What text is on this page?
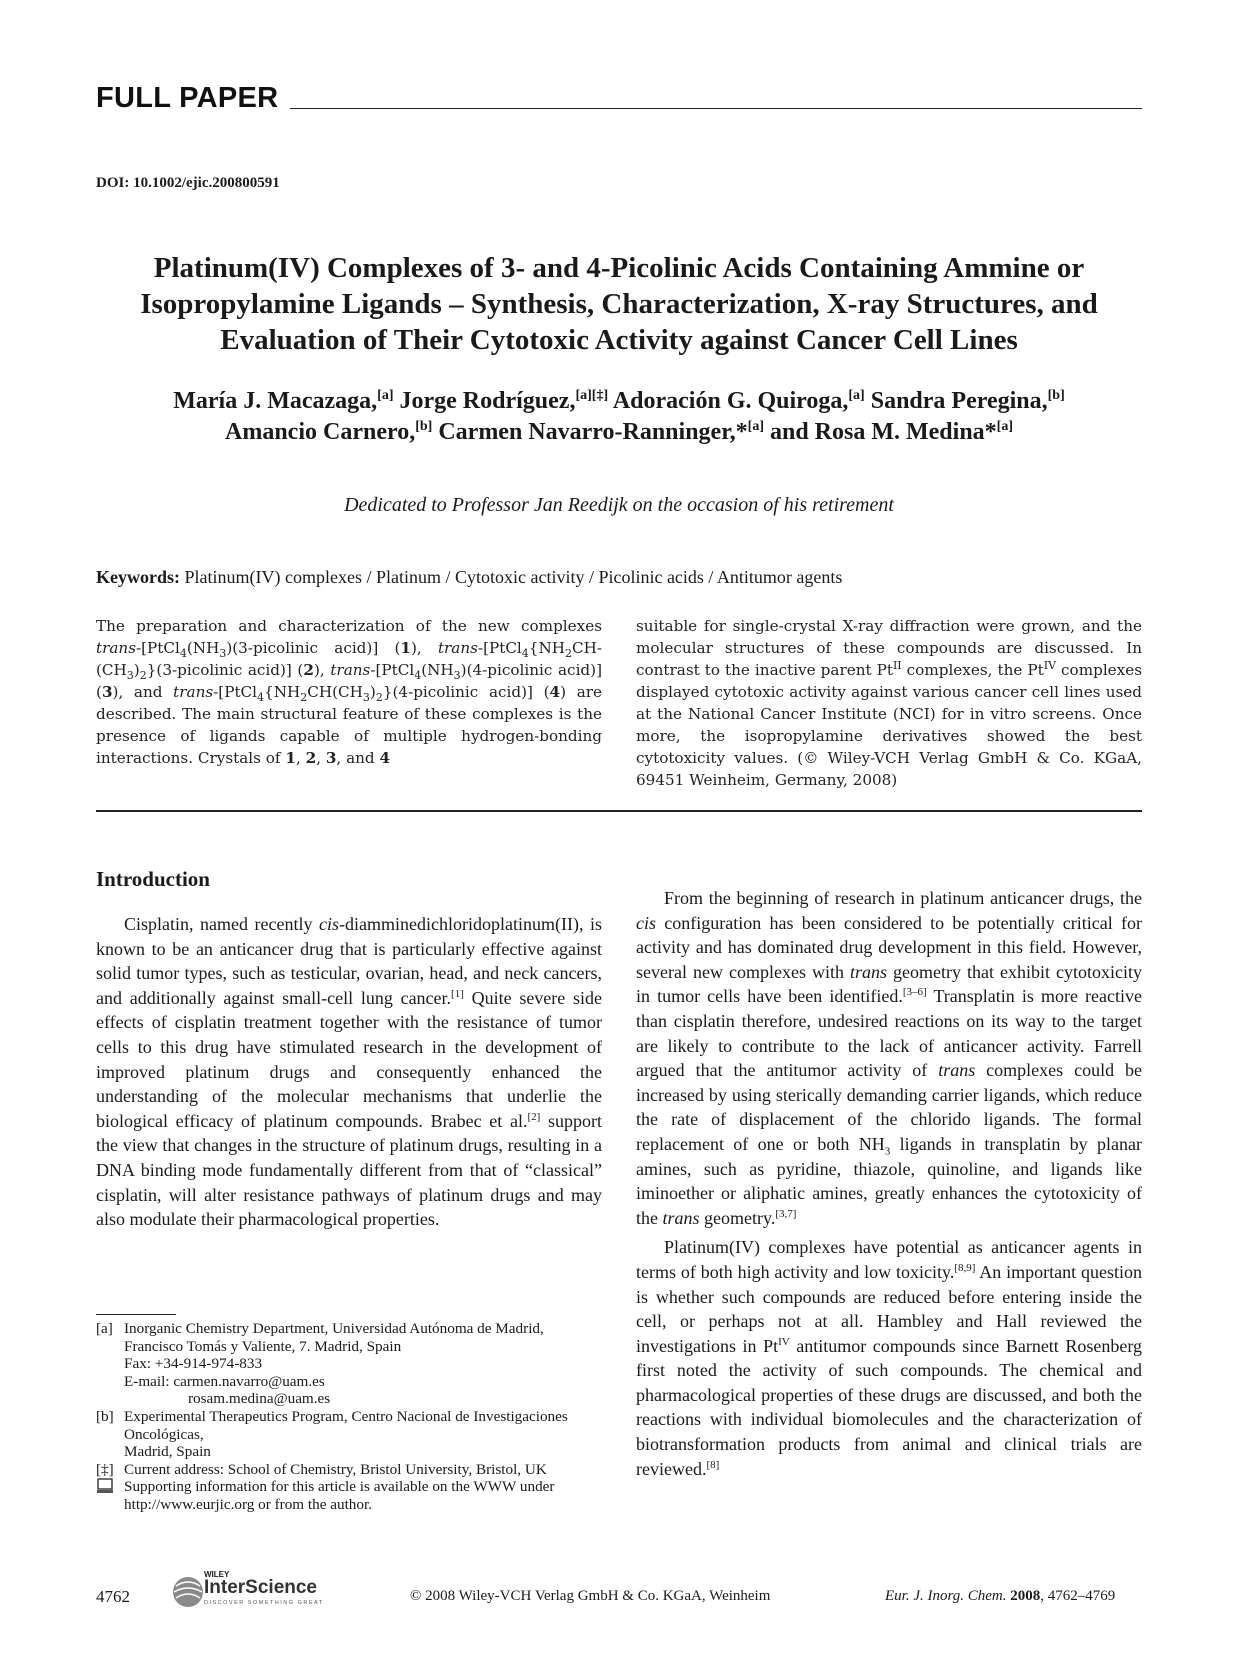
FULL PAPER
DOI: 10.1002/ejic.200800591
Platinum(IV) Complexes of 3- and 4-Picolinic Acids Containing Ammine or
Isopropylamine Ligands – Synthesis, Characterization, X-ray Structures, and
Evaluation of Their Cytotoxic Activity against Cancer Cell Lines
María J. Macazaga,[a] Jorge Rodríguez,[a][‡] Adoración G. Quiroga,[a] Sandra Peregina,[b]
Amancio Carnero,[b] Carmen Navarro-Ranninger,*[a] and Rosa M. Medina*[a]
Dedicated to Professor Jan Reedijk on the occasion of his retirement
Keywords: Platinum(IV) complexes / Platinum / Cytotoxic activity / Picolinic acids / Antitumor agents
The preparation and characterization of the new complexes trans-[$PtCl_4(NH_3)(3$-picolinic acid)] (1), trans-[$PtCl_4\{NH_2CH-(CH_3)_2\}(3$-picolinic acid)] (2), trans-[$PtCl_4(NH_3)(4$-picolinic acid)] (3), and trans-[$PtCl_4\{NH_2CH(CH_3)_2\}(4$-picolinic acid)] (4) are described. The main structural feature of these complexes is the presence of ligands capable of multiple hydrogen-bonding interactions. Crystals of 1, 2, 3, and 4
suitable for single-crystal X-ray diffraction were grown, and the molecular structures of these compounds are discussed. In contrast to the inactive parent $Pt^{II}$ complexes, the $Pt^{IV}$ complexes displayed cytotoxic activity against various cancer cell lines used at the National Cancer Institute (NCI) for in vitro screens. Once more, the isopropylamine derivatives showed the best cytotoxicity values. (© Wiley-VCH Verlag GmbH & Co. KGaA, 69451 Weinheim, Germany, 2008)
Introduction

Cisplatin, named recently cis-diamminedichloridoplatinum(II), is known to be an anticancer drug that is particularly effective against solid tumor types, such as testicular, ovarian, head, and neck cancers, and additionally against small-cell lung cancer.[1] Quite severe side effects of cisplatin treatment together with the resistance of tumor cells to this drug have stimulated research in the development of improved platinum drugs and consequently enhanced the understanding of the molecular mechanisms that underlie the biological efficacy of platinum compounds. Brabec et al.[2] support the view that changes in the structure of platinum drugs, resulting in a DNA binding mode fundamentally different from that of “classical” cisplatin, will alter resistance pathways of platinum drugs and may also modulate their pharmacological properties.

From the beginning of research in platinum anticancer drugs, the cis configuration has been considered to be potentially critical for activity and has dominated drug development in this field. However, several new complexes with trans geometry that exhibit cytotoxicity in tumor cells have been identified.[3–6] Transplatin is more reactive than cisplatin therefore, undesired reactions on its way to the target are likely to contribute to the lack of anticancer activity. Farrell argued that the antitumor activity of trans complexes could be increased by using sterically demanding carrier ligands, which reduce the rate of displacement of the chlorido ligands. The formal replacement of one or both $NH_3$ ligands in transplatin by planar amines, such as pyridine, thiazole, quinoline, and ligands like iminoether or aliphatic amines, greatly enhances the cytotoxicity of the trans geometry.[3,7]

Platinum(IV) complexes have potential as anticancer agents in terms of both high activity and low toxicity.[8,9] An important question is whether such compounds are reduced before entering inside the cell, or perhaps not at all. Hambley and Hall reviewed the investigations in $Pt^{IV}$ antitumor compounds since Barnett Rosenberg first noted the activity of such compounds. The chemical and pharmacological properties of these drugs are discussed, and both the reactions with individual biomolecules and the characterization of biotransformation products from animal and clinical trials are reviewed.[8]

[a] Inorganic Chemistry Department, Universidad Autónoma de Madrid,
Francisco Tomás y Valiente, 7. Madrid, Spain
Fax: +34-914-974-833
E-mail: carmen.navarro@uam.es
rosam.medina@uam.es
[b] Experimental Therapeutics Program, Centro Nacional de Investigaciones Oncológicas,
Madrid, Spain
[‡] Current address: School of Chemistry, Bristol University, Bristol, UK
Supporting information for this article is available on the WWW under http://www.eurjic.org or from the author.
4762
WILEY
InterScience
DISCOVER SOMETHING GREAT	© 2008 Wiley-VCH Verlag GmbH & Co. KGaA, Weinheim	Eur. J. Inorg. Chem. 2008, 4762–4769
